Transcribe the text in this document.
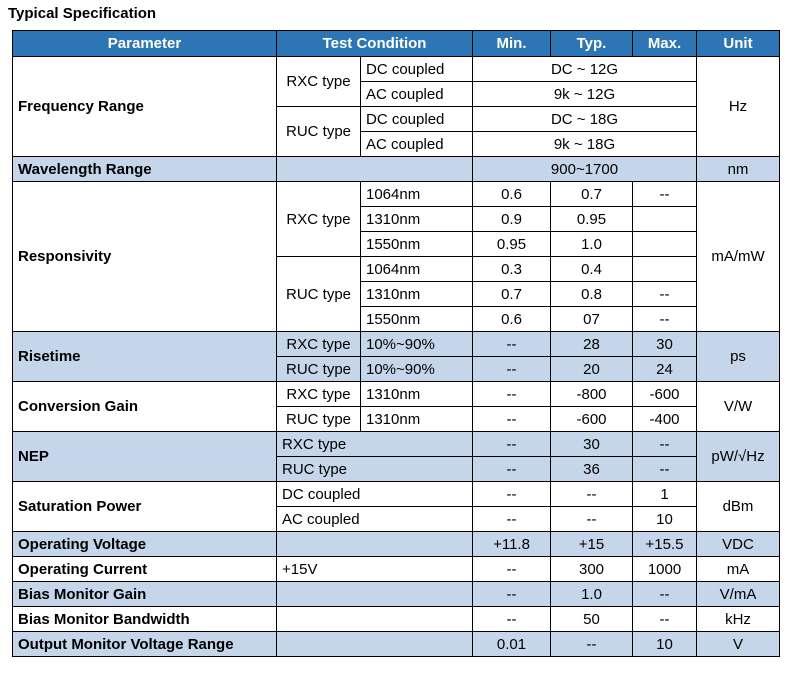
Typical Specification
Parameter	Test Condition		Min.	Typ.	Max.	Unit
Frequency Range	RXC type	DC coupled	DC ~ 12G			Hz
		AC coupled	9k ~ 12G			
	RUC type	DC coupled	DC ~ 18G			
		AC coupled	9k ~ 18G			
Wavelength Range			900~1700			nm
Responsivity	RXC type	1064nm	0.6	0.7	--	mA/mW
		1310nm	0.9	0.95		
		1550nm	0.95	1.0		
	RUC type	1064nm	0.3	0.4		
		1310nm	0.7	0.8	--	
		1550nm	0.6	07	--	
Risetime	RXC type	10%~90%	--	28	30	ps
	RUC type	10%~90%	--	20	24	
Conversion Gain	RXC type	1310nm	--	-800	-600	V/W
	RUC type	1310nm	--	-600	-400	
NEP	RXC type		--	30	--	pW/√Hz
	RUC type		--	36	--	
Saturation Power	DC coupled		--	--	1	dBm
	AC coupled		--	--	10	
Operating Voltage			+11.8	+15	+15.5	VDC
Operating Current	+15V		--	300	1000	mA
Bias Monitor Gain			--	1.0	--	V/mA
Bias Monitor Bandwidth			--	50	--	kHz
Output Monitor Voltage Range			0.01	--	10	V
